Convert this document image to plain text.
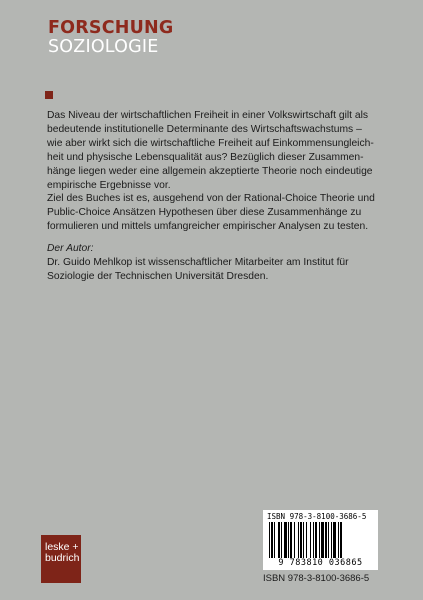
FORSCHUNG
SOZIOLOGIE
Das Niveau der wirtschaftlichen Freiheit in einer Volkswirtschaft gilt als
bedeutende institutionelle Determinante des Wirtschaftswachstums –
wie aber wirkt sich die wirtschaftliche Freiheit auf Einkommensungleich-
heit und physische Lebensqualität aus? Bezüglich dieser Zusammen-
hänge liegen weder eine allgemein akzeptierte Theorie noch eindeutige
empirische Ergebnisse vor.
Ziel des Buches ist es, ausgehend von der Rational-Choice Theorie und
Public-Choice Ansätzen Hypothesen über diese Zusammenhänge zu
formulieren und mittels umfangreicher empirischer Analysen zu testen.
Der Autor:
Dr. Guido Mehlkop ist wissenschaftlicher Mitarbeiter am Institut für
Soziologie der Technischen Universität Dresden.
ISBN 978-3-8100-3686-5
9 783810 036865
ISBN 978-3-8100-3686-5
leske +
budrich
